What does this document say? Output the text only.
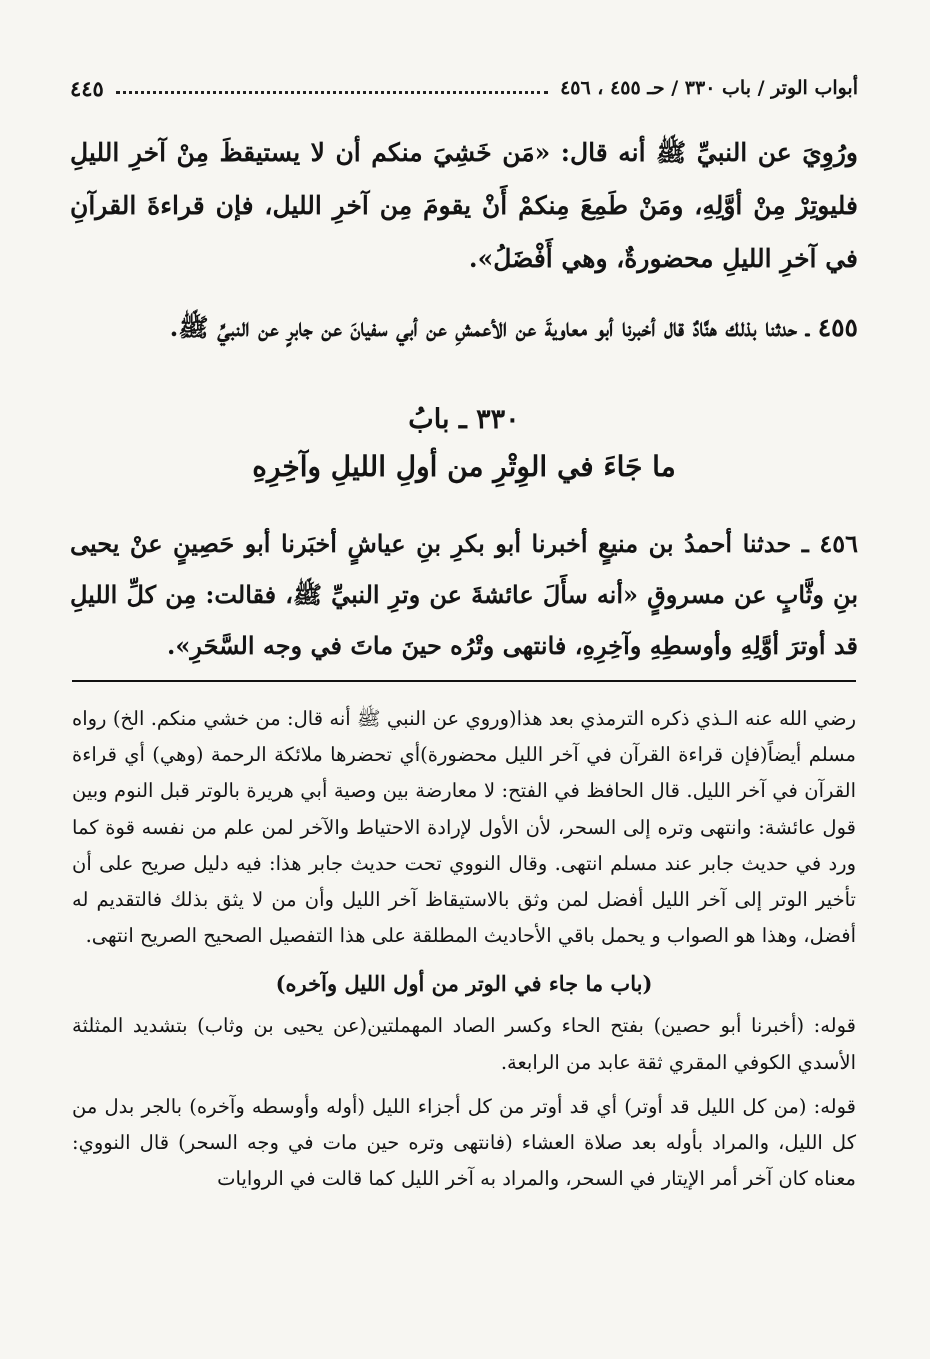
أبواب الوتر / باب ٣٣٠ / حـ ٤٥٥ ، ٤٥٦
٤٤٥

ورُوِيَ عن النبيِّ ﷺ أنه قال: «مَن خَشِيَ منكم أن لا يستيقظَ مِنْ آخرِ الليلِ فليوتِرْ مِنْ أوَّلِهِ، ومَنْ طَمِعَ مِنكمْ أَنْ يقومَ مِن آخرِ الليل، فإن قراءةَ القرآنِ في آخرِ الليلِ محضورةٌ، وهي أَفْضَلُ».

٤٥٥ ـ حدثنا بذلك هنَّادٌ قال أخبرنا أبو معاويةَ عن الأعمشِ عن أبي سفيانَ عن جابرٍ عن النبيِّ ﷺ.

٣٣٠ ـ بابُ
ما جَاءَ في الوِتْرِ من أولِ الليلِ وآخِرِهِ

٤٥٦ ـ حدثنا أحمدُ بن منيعٍ أخبرنا أبو بكرِ بنِ عياشٍ أخبَرنا أبو حَصِينٍ عنْ يحيى بنِ وثَّابٍ عن مسروقٍ «أنه سأَلَ عائشةَ عن وترِ النبيِّ ﷺ، فقالت: مِن كلِّ الليلِ قد أوترَ أوَّلِهِ وأوسطِهِ وآخِرِهِ، فانتهى وتْرُه حينَ ماتَ في وجه السَّحَرِ».

رضي الله عنه الـذي ذكره الترمذي بعد هذا(وروي عن النبي ﷺ أنه قال: من خشي منكم. الخ) رواه مسلم أيضاً(فإن قراءة القرآن في آخر الليل محضورة)أي تحضرها ملائكة الرحمة (وهي) أي قراءة القرآن في آخر الليل. قال الحافظ في الفتح: لا معارضة بين وصية أبي هريرة بالوتر قبل النوم وبين قول عائشة: وانتهى وتره إلى السحر، لأن الأول لإرادة الاحتياط والآخر لمن علم من نفسه قوة كما ورد في حديث جابر عند مسلم انتهى. وقال النووي تحت حديث جابر هذا: فيه دليل صريح على أن تأخير الوتر إلى آخر الليل أفضل لمن وثق بالاستيقاظ آخر الليل وأن من لا يثق بذلك فالتقديم له أفضل، وهذا هو الصواب و يحمل باقي الأحاديث المطلقة على هذا التفصيل الصحيح الصريح انتهى.

(باب ما جاء في الوتر من أول الليل وآخره)

قوله: (أخبرنا أبو حصين) بفتح الحاء وكسر الصاد المهملتين(عن يحيى بن وثاب) بتشديد المثلثة الأسدي الكوفي المقري ثقة عابد من الرابعة.

قوله: (من كل الليل قد أوتر) أي قد أوتر من كل أجزاء الليل (أوله وأوسطه وآخره) بالجر بدل من كل الليل، والمراد بأوله بعد صلاة العشاء (فانتهى وتره حين مات في وجه السحر) قال النووي: معناه كان آخر أمر الإيتار في السحر، والمراد به آخر الليل كما قالت في الروايات
